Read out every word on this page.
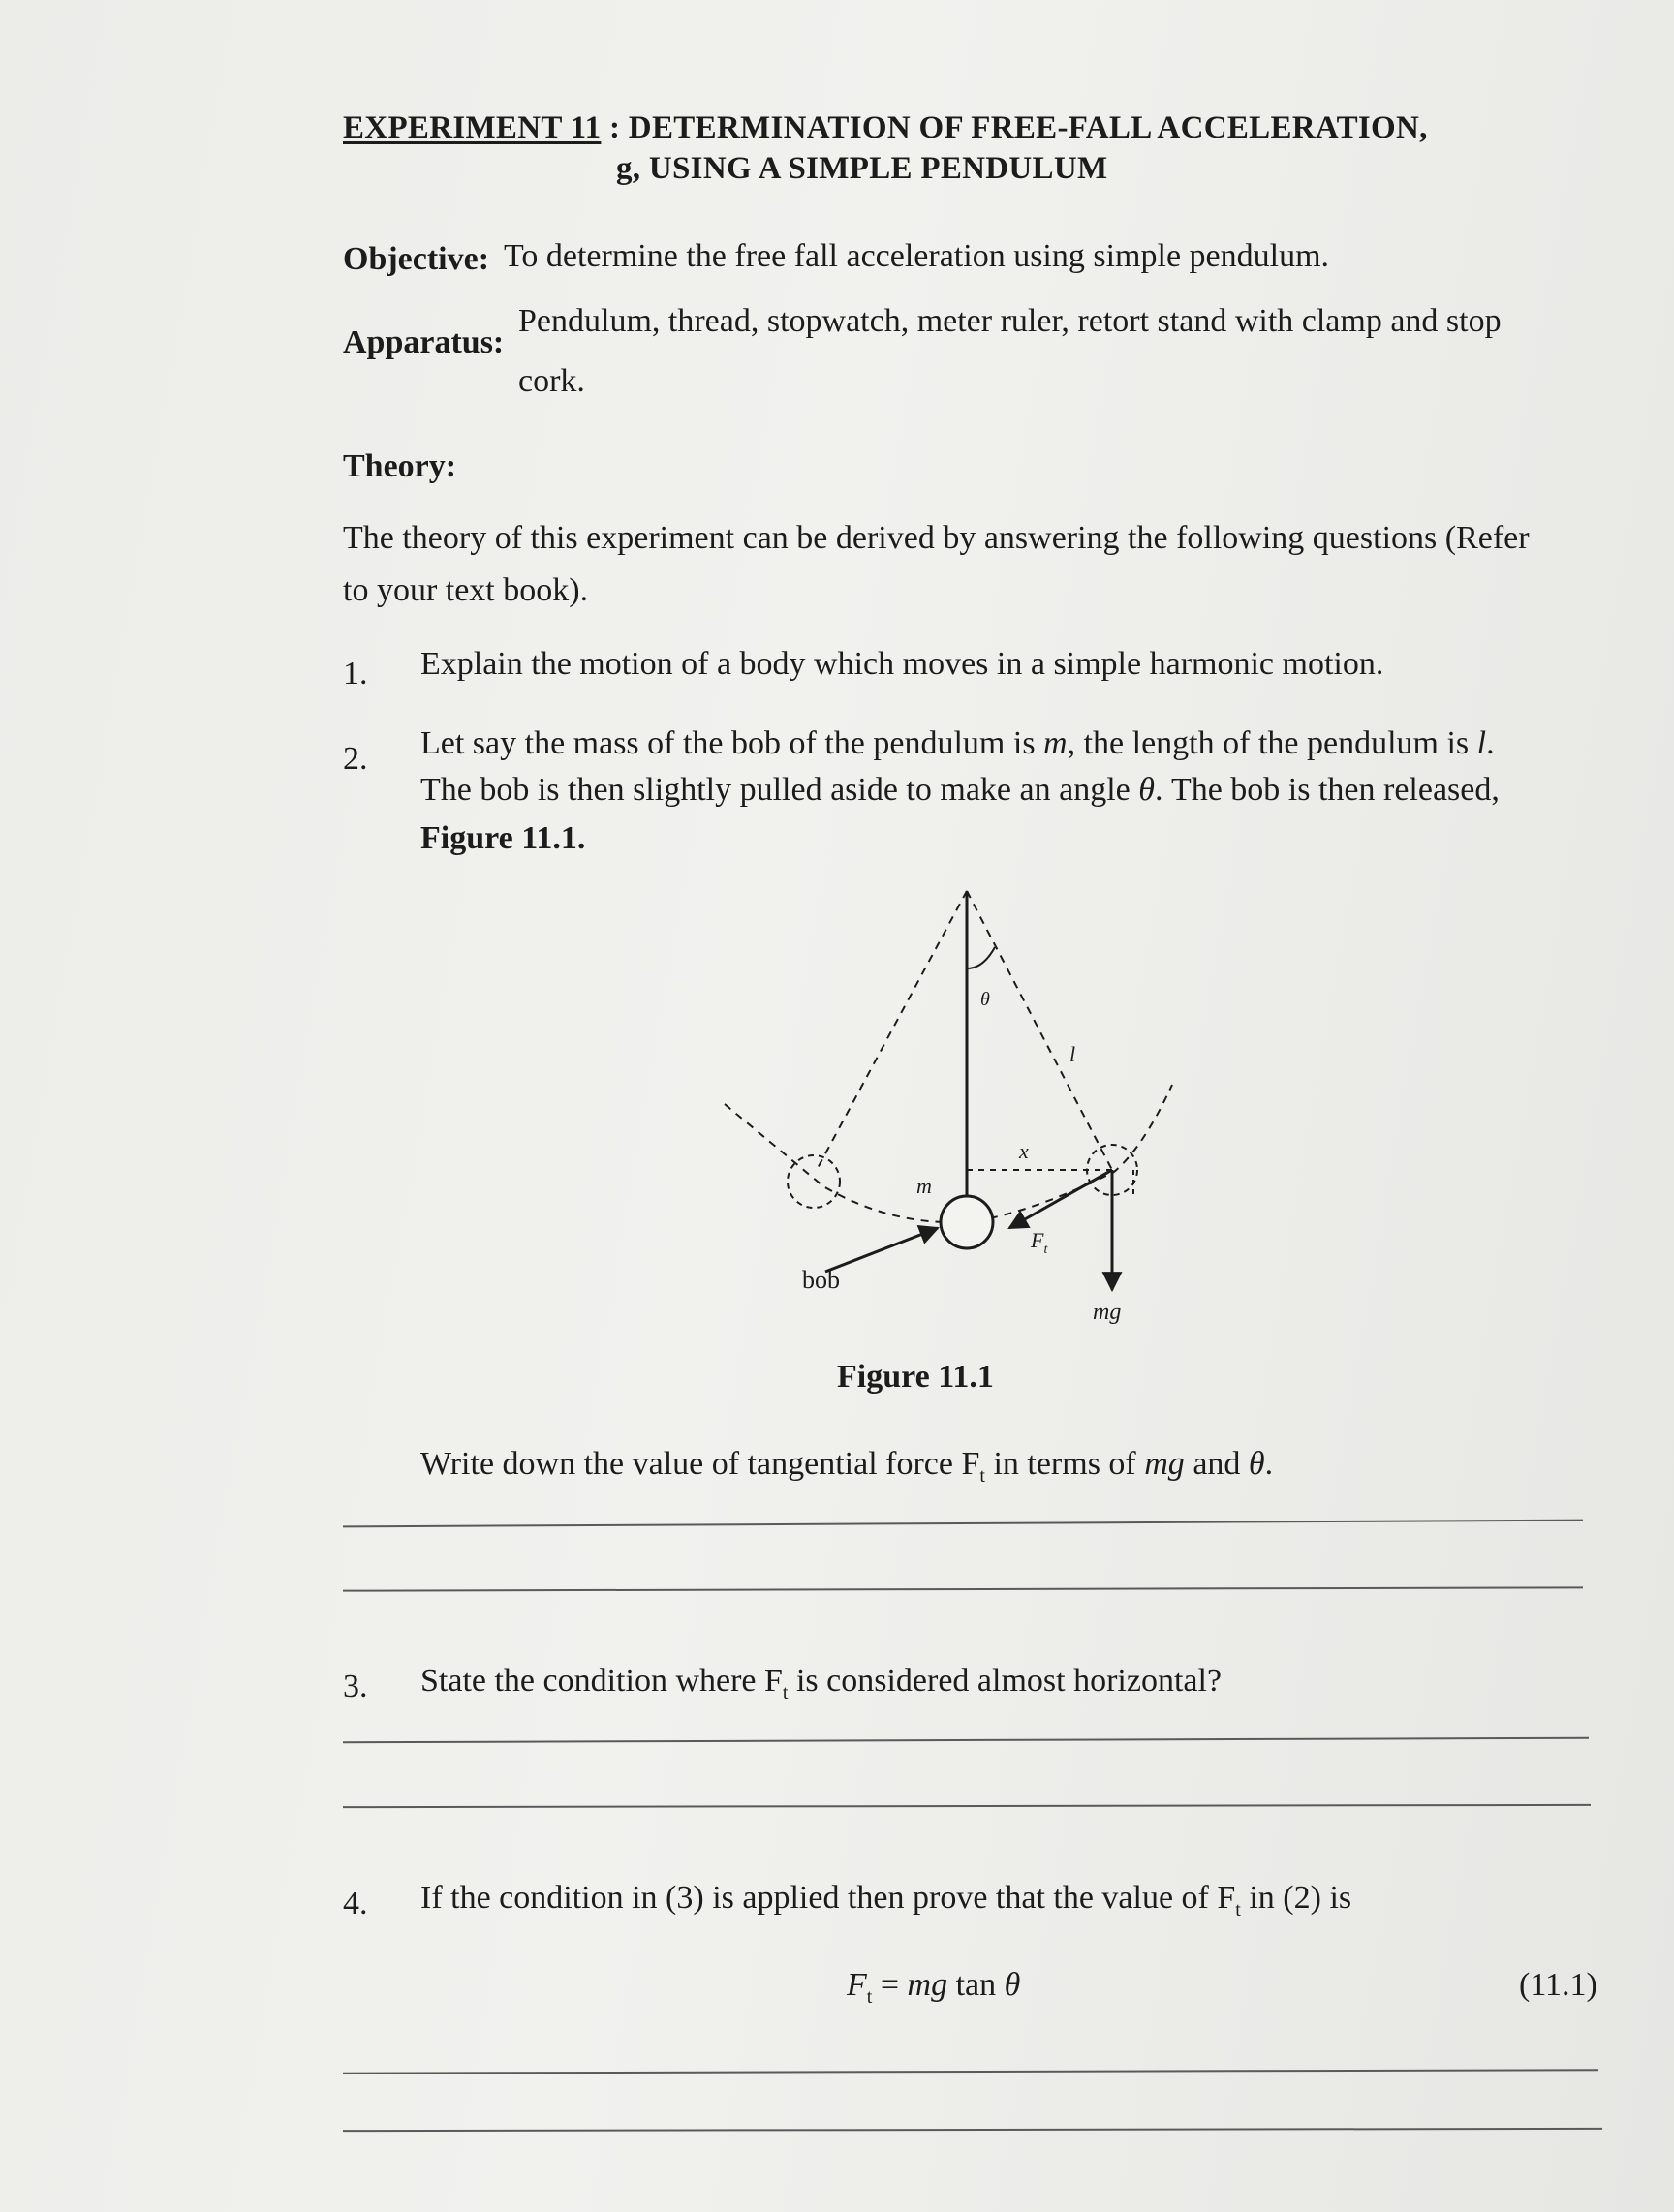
EXPERIMENT 11 : DETERMINATION OF FREE-FALL ACCELERATION,
g, USING A SIMPLE PENDULUM
Objective: To determine the free fall acceleration using simple pendulum.
Apparatus:
Pendulum, thread, stopwatch, meter ruler, retort stand with clamp and stop
cork.
Theory:
The theory of this experiment can be derived by answering the following questions (Refer
to your text book).
1. Explain the motion of a body which moves in a simple harmonic motion.
2. Let say the mass of the bob of the pendulum is m, the length of the pendulum is l.
The bob is then slightly pulled aside to make an angle θ. The bob is then released,
Figure 11.1.
θ
l
x
m
$F_t$
mg
bob
Figure 11.1
Write down the value of tangential force $F_t$ in terms of mg and θ.
3. State the condition where $F_t$ is considered almost horizontal?
4. If the condition in (3) is applied then prove that the value of $F_t$ in (2) is
$F_t$ = mg tan θ	(11.1)
